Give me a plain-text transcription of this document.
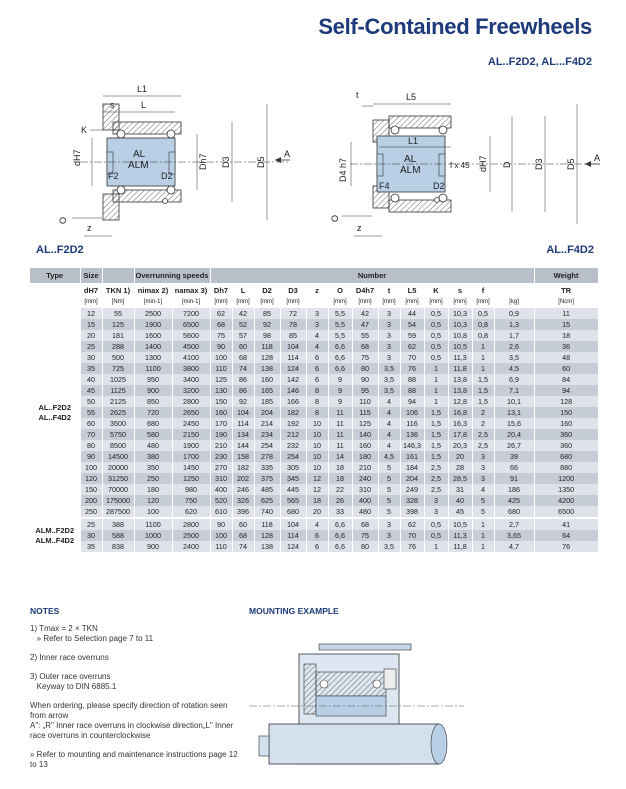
Self-Contained Freewheels
L1
s	L
K
dH7	Dh7 D3	D5
A
F2	D2
AL
ALM
z
O
L5
t
L1
f x 45 dH7 D D3 D5
A
D4 h7
F4	D2
AL
ALM
z
O
AL..F2D2, AL...F4D2
AL..F2D2	AL..F4D2
Type	Size		Overrunning speeds		Number													Weight	
	dH7	TKN 1)	nimax 2)	namax 3)	Dh7	L	D2	D3	z	O	D4h7	t	L5	K	s	f		TR	
	[mm]	[Nm]	[min-1]	[min-1]	[mm]	[mm]	[mm]	[mm]		[mm]	[mm]	[mm]	[mm]	[mm]	[mm]	[mm]	[kg]	[Ncm]	

AL..F2D2
AL..F4D2	12	55	2500	7200	62	42	85	72	3	5,5	42	3	44	0,5	10,3	0,5	0,9	11	
	15	125	1900	6500	68	52	92	78	3	5,5	47	3	54	0,5	10,3	0,8	1,3	15	
	20	181	1600	5600	75	57	98	85	4	5,5	55	3	59	0,5	10,8	0,8	1,7	18	
	25	288	1400	4500	90	60	118	104	4	6,6	68	3	62	0,5	10,5	1	2,6	36	
	30	500	1300	4100	100	68	128	114	6	6,6	75	3	70	0,5	11,3	1	3,5	48	
	35	725	1100	3800	110	74	138	124	6	6,6	80	3,5	76	1	11,8	1	4,5	60	
	40	1025	950	3400	125	86	160	142	6	9	90	3,5	88	1	13,8	1,5	6,9	84	
	45	1125	900	3200	130	86	165	146	8	9	95	3,5	88	1	13,8	1,5	7,1	94	
	50	2125	850	2800	150	92	185	166	8	9	110	4	94	1	12,8	1,5	10,1	128	
	55	2625	720	2650	160	104	204	182	8	11	115	4	106	1,5	16,8	2	13,1	150	
	60	3500	680	2450	170	114	214	192	10	11	125	4	116	1,5	16,3	2	15,6	160	
	70	5750	580	2150	190	134	234	212	10	11	140	4	136	1,5	17,8	2,5	20,4	360	
	80	8500	480	1900	210	144	254	232	10	11	160	4	146,3	1,5	20,3	2,5	26,7	360	
	90	14500	380	1700	230	158	278	254	10	14	180	4,5	161	1,5	20	3	39	680	
	100	20000	350	1450	270	182	335	305	10	18	210	5	184	2,5	28	3	66	880	
	120	31250	250	1250	310	202	375	345	12	18	240	5	204	2,5	28,5	3	91	1200	
	150	70000	180	980	400	246	485	445	12	22	310	5	249	2,5	31	4	186	1350	
	200	175000	120	750	520	326	625	565	18	26	400	5	328	3	40	5	425	4200	
	250	287500	100	620	610	396	740	680	20	33	480	5	398	3	45	5	680	6500	

ALM..F2D2
ALM..F4D2	25	388	1100	2800	90	60	118	104	4	6,6	68	3	62	0,5	10,5	1	2,7	41	
	30	588	1000	2500	100	68	128	114	6	6,6	75	3	70	0,5	11,3	1	3,65	64	
	35	838	900	2400	110	74	138	124	6	6,6	80	3,5	76	1	11,8	1	4,7	76	
NOTES

1) Tmax = 2 × TKN
» Refer to Selection page 7 to 11

2) Inner race overruns

3) Outer race overruns
Keyway to DIN 6885.1

When ordering, please specify direction of rotation seen from arrow
A": „R" Inner race overruns in clockwise direction„L" Inner race overruns in counterclockwise

» Refer to mounting and maintenance instructions page 12 to 13

MOUNTING EXAMPLE
